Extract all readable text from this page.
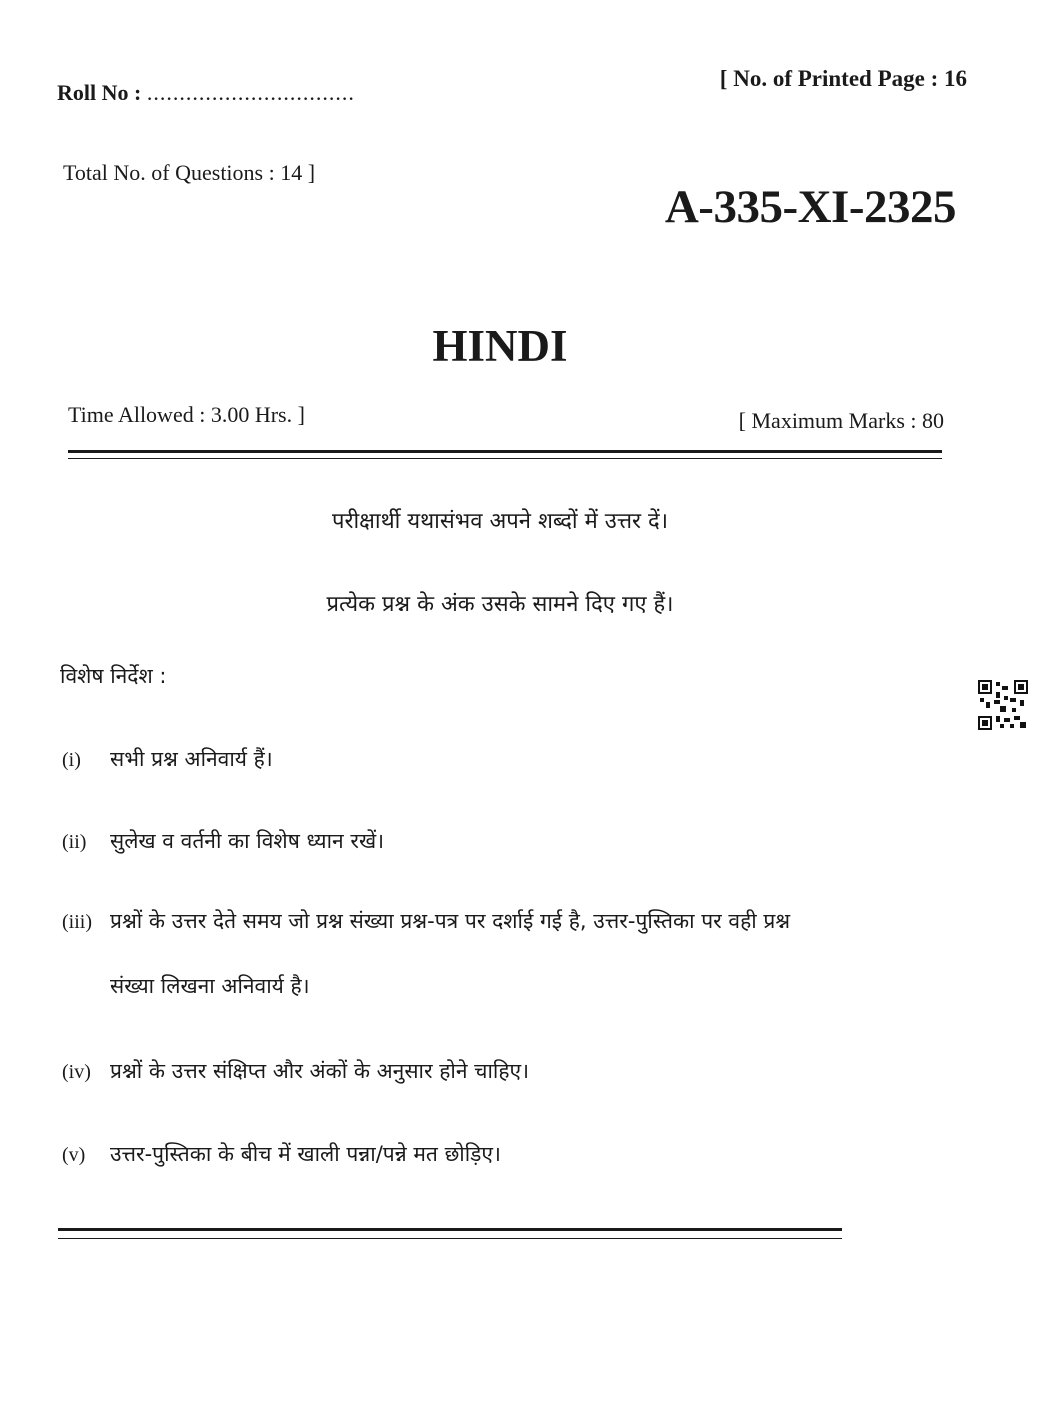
Roll No : ................................
[ No. of Printed Page : 16
Total No. of Questions : 14 ]
A-335-XI-2325
HINDI
Time Allowed : 3.00 Hrs. ]	[ Maximum Marks : 80
परीक्षार्थी यथासंभव अपने शब्दों में उत्तर दें।
प्रत्येक प्रश्न के अंक उसके सामने दिए गए हैं।
विशेष निर्देश :
(i) सभी प्रश्न अनिवार्य हैं।
(ii) सुलेख व वर्तनी का विशेष ध्यान रखें।
(iii) प्रश्नों के उत्तर देते समय जो प्रश्न संख्या प्रश्न-पत्र पर दर्शाई गई है, उत्तर-पुस्तिका पर वही प्रश्न
संख्या लिखना अनिवार्य है।
(iv) प्रश्नों के उत्तर संक्षिप्त और अंकों के अनुसार होने चाहिए।
(v) उत्तर-पुस्तिका के बीच में खाली पन्ना/पन्ने मत छोड़िए।
